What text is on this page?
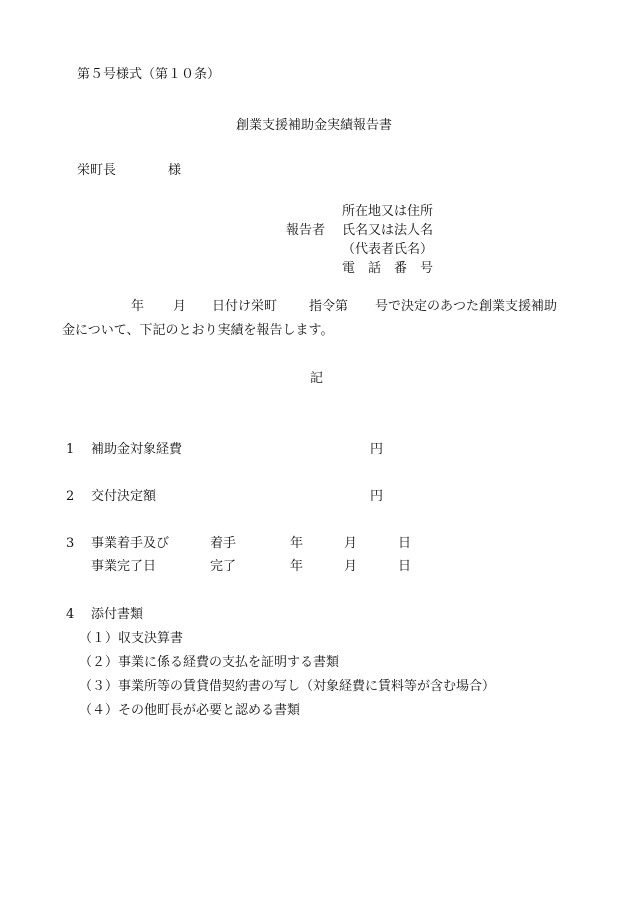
第５号様式（第１０条）
創業支援補助金実績報告書
栄町長	様
所在地又は住所
報告者 氏名又は法人名
（代表者氏名）
電　話　番　号
年 月 日付け栄町 指令第 号で決定のあつた創業支援補助
金について、下記のとおり実績を報告します。
記
1 補助金対象経費	円
2 交付決定額	円
3 事業着手及び	着手	年	月	日
事業完了日	完了	年	月	日
4 添付書類
（１）収支決算書
（２）事業に係る経費の支払を証明する書類
（３）事業所等の賃貸借契約書の写し（対象経費に賃料等が含む場合）
（４）その他町長が必要と認める書類
